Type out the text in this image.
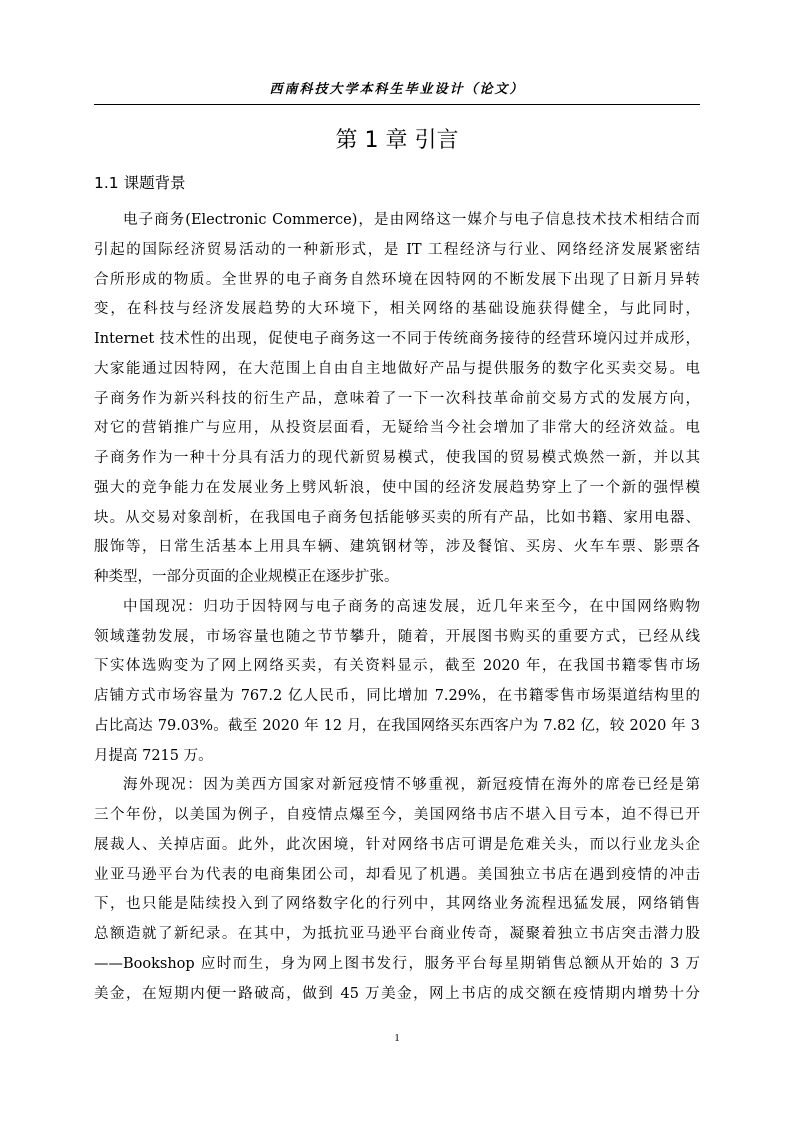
西南科技大学本科生毕业设计（论文）
第 1 章 引言
1.1 课题背景
电子商务(Electronic Commerce)，是由网络这一媒介与电子信息技术技术相结合而
引起的国际经济贸易活动的一种新形式，是 IT 工程经济与行业、网络经济发展紧密结
合所形成的物质。全世界的电子商务自然环境在因特网的不断发展下出现了日新月异转
变，在科技与经济发展趋势的大环境下，相关网络的基础设施获得健全，与此同时，
Internet 技术性的出现，促使电子商务这一不同于传统商务接待的经营环境闪过并成形，
大家能通过因特网，在大范围上自由自主地做好产品与提供服务的数字化买卖交易。电
子商务作为新兴科技的衍生产品，意味着了一下一次科技革命前交易方式的发展方向，
对它的营销推广与应用，从投资层面看，无疑给当今社会增加了非常大的经济效益。电
子商务作为一种十分具有活力的现代新贸易模式，使我国的贸易模式焕然一新，并以其
强大的竞争能力在发展业务上劈风斩浪，使中国的经济发展趋势穿上了一个新的强悍模
块。从交易对象剖析，在我国电子商务包括能够买卖的所有产品，比如书籍、家用电器、
服饰等，日常生活基本上用具车辆、建筑钢材等，涉及餐馆、买房、火车车票、影票各
种类型，一部分页面的企业规模正在逐步扩张。
中国现况：归功于因特网与电子商务的高速发展，近几年来至今，在中国网络购物
领域蓬勃发展，市场容量也随之节节攀升，随着，开展图书购买的重要方式，已经从线
下实体选购变为了网上网络买卖，有关资料显示，截至 2020 年，在我国书籍零售市场
店铺方式市场容量为 767.2 亿人民币，同比增加 7.29%，在书籍零售市场渠道结构里的
占比高达 79.03%。截至 2020 年 12 月，在我国网络买东西客户为 7.82 亿，较 2020 年 3
月提高 7215 万。
海外现况：因为美西方国家对新冠疫情不够重视，新冠疫情在海外的席卷已经是第
三个年份，以美国为例子，自疫情点爆至今，美国网络书店不堪入目亏本，迫不得已开
展裁人、关掉店面。此外，此次困境，针对网络书店可谓是危难关头，而以行业龙头企
业亚马逊平台为代表的电商集团公司，却看见了机遇。美国独立书店在遇到疫情的冲击
下，也只能是陆续投入到了网络数字化的行列中，其网络业务流程迅猛发展，网络销售
总额造就了新纪录。在其中，为抵抗亚马逊平台商业传奇，凝聚着独立书店突击潜力股
——Bookshop 应时而生，身为网上图书发行，服务平台每星期销售总额从开始的 3 万
美金，在短期内便一路破高，做到 45 万美金，网上书店的成交额在疫情期内增势十分
1
